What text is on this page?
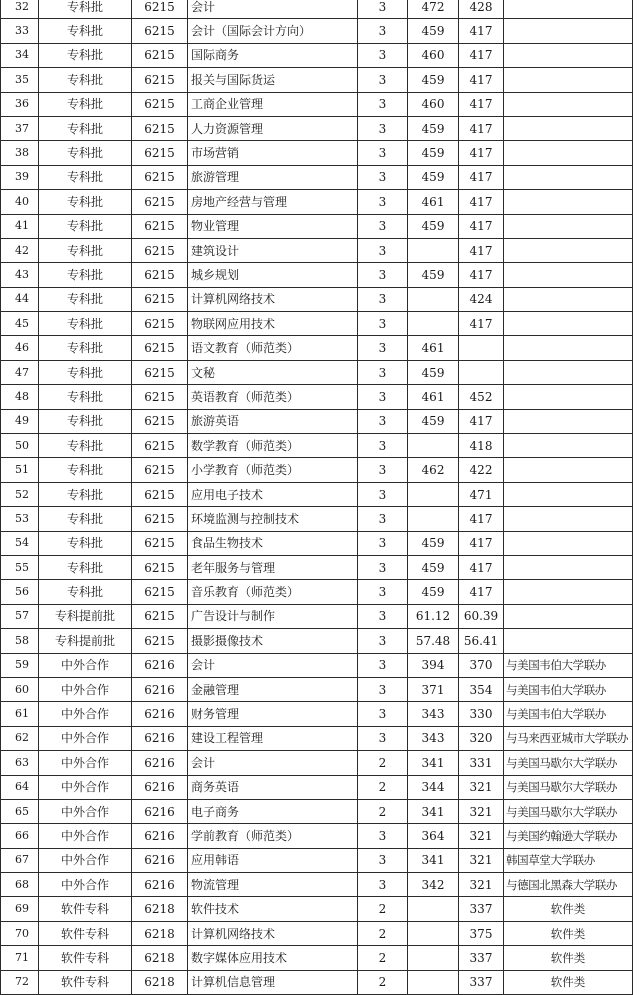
32	专科批	6215	会计	3	472	428	
33	专科批	6215	会计（国际会计方向）	3	459	417	
34	专科批	6215	国际商务	3	460	417	
35	专科批	6215	报关与国际货运	3	459	417	
36	专科批	6215	工商企业管理	3	460	417	
37	专科批	6215	人力资源管理	3	459	417	
38	专科批	6215	市场营销	3	459	417	
39	专科批	6215	旅游管理	3	459	417	
40	专科批	6215	房地产经营与管理	3	461	417	
41	专科批	6215	物业管理	3	459	417	
42	专科批	6215	建筑设计	3		417	
43	专科批	6215	城乡规划	3	459	417	
44	专科批	6215	计算机网络技术	3		424	
45	专科批	6215	物联网应用技术	3		417	
46	专科批	6215	语文教育（师范类）	3	461		
47	专科批	6215	文秘	3	459		
48	专科批	6215	英语教育（师范类）	3	461	452	
49	专科批	6215	旅游英语	3	459	417	
50	专科批	6215	数学教育（师范类）	3		418	
51	专科批	6215	小学教育（师范类）	3	462	422	
52	专科批	6215	应用电子技术	3		471	
53	专科批	6215	环境监测与控制技术	3		417	
54	专科批	6215	食品生物技术	3	459	417	
55	专科批	6215	老年服务与管理	3	459	417	
56	专科批	6215	音乐教育（师范类）	3	459	417	
57	专科提前批	6215	广告设计与制作	3	61.12	60.39	
58	专科提前批	6215	摄影摄像技术	3	57.48	56.41	
59	中外合作	6216	会计	3	394	370	与美国韦伯大学联办
60	中外合作	6216	金融管理	3	371	354	与美国韦伯大学联办
61	中外合作	6216	财务管理	3	343	330	与美国韦伯大学联办
62	中外合作	6216	建设工程管理	3	343	320	与马来西亚城市大学联办
63	中外合作	6216	会计	2	341	331	与美国马歇尔大学联办
64	中外合作	6216	商务英语	2	344	321	与美国马歇尔大学联办
65	中外合作	6216	电子商务	2	341	321	与美国马歇尔大学联办
66	中外合作	6216	学前教育（师范类）	3	364	321	与美国约翰逊大学联办
67	中外合作	6216	应用韩语	3	341	321	韩国草堂大学联办
68	中外合作	6216	物流管理	3	342	321	与德国北黑森大学联办
69	软件专科	6218	软件技术	2		337	软件类
70	软件专科	6218	计算机网络技术	2		375	软件类
71	软件专科	6218	数字媒体应用技术	2		337	软件类
72	软件专科	6218	计算机信息管理	2		337	软件类
